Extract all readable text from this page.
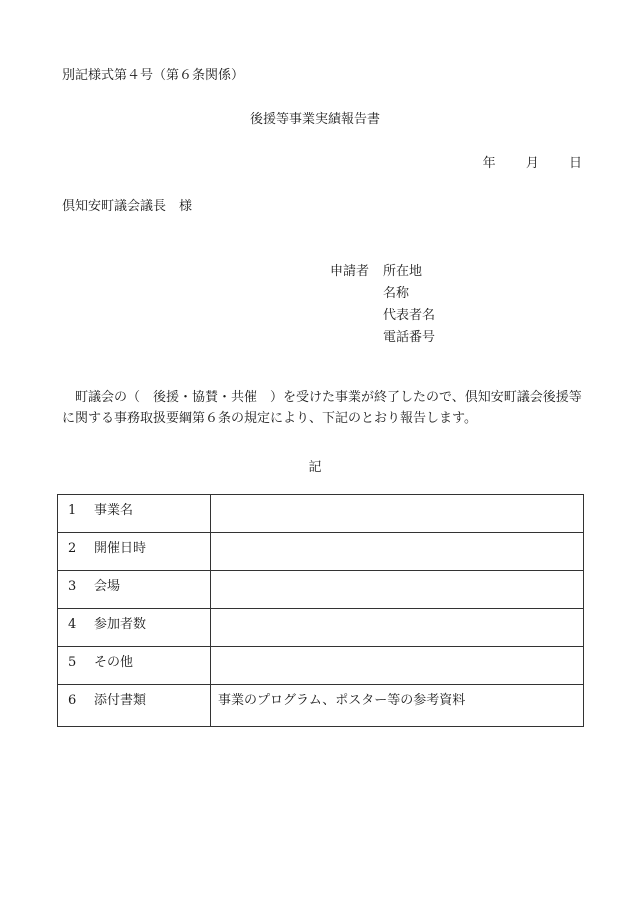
別記様式第４号（第６条関係）
後援等事業実績報告書
年 月 日
倶知安町議会議長　様
申請者 所在地
名称
代表者名
電話番号
町議会の（　後援・協賛・共催　）を受けた事業が終了したので、倶知安町議会後援等に関する事務取扱要綱第６条の規定により、下記のとおり報告します。
記
1 事業名	
2 開催日時	
3 会場	
4 参加者数	
5 その他	
6 添付書類	事業のプログラム、ポスター等の参考資料
